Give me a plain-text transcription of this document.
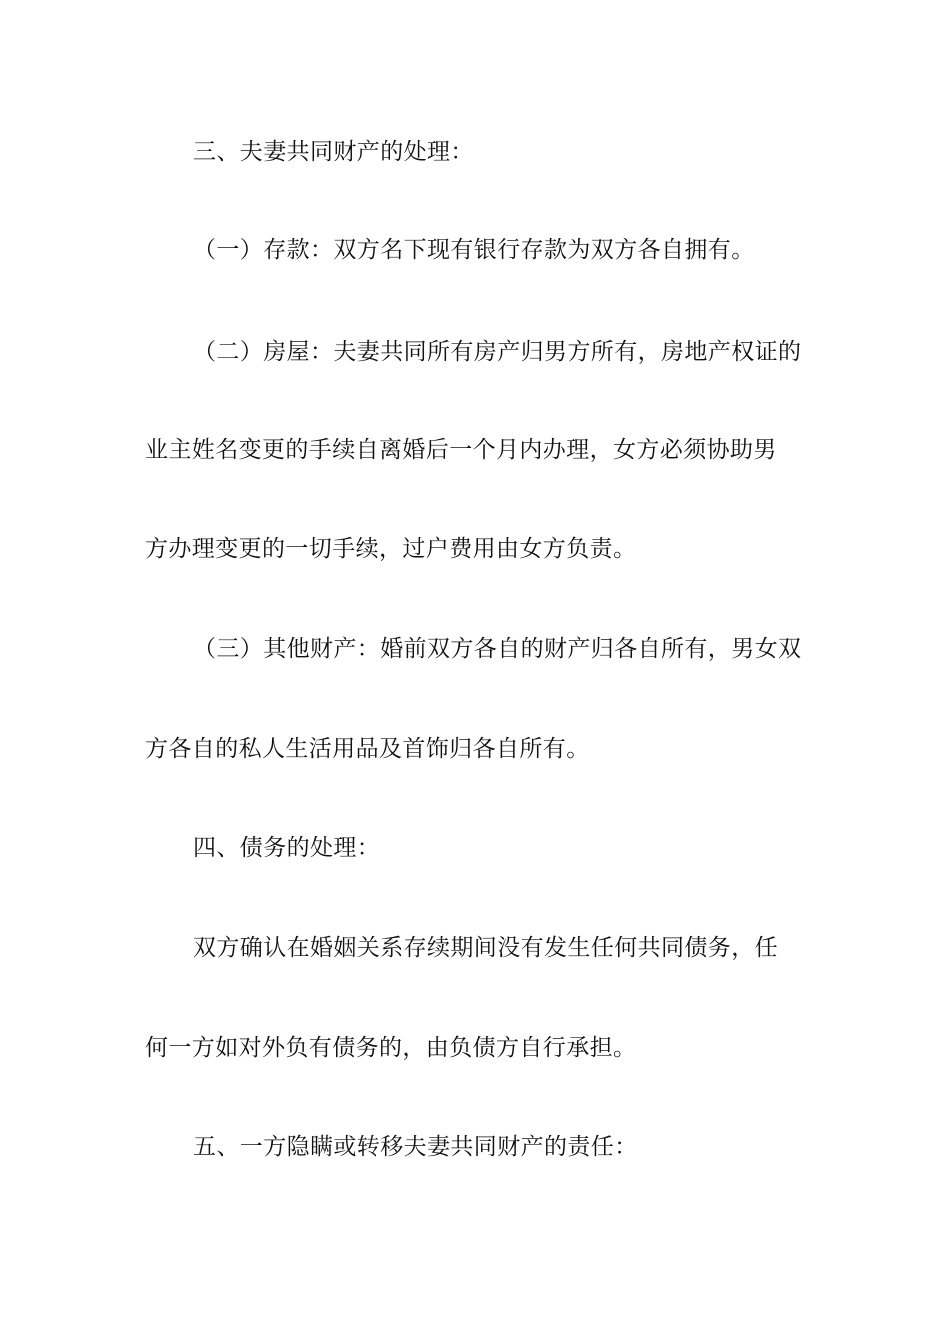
三、夫妻共同财产的处理：
（一）存款：双方名下现有银行存款为双方各自拥有。
（二）房屋：夫妻共同所有房产归男方所有，房地产权证的
业主姓名变更的手续自离婚后一个月内办理，女方必须协助男
方办理变更的一切手续，过户费用由女方负责。
（三）其他财产：婚前双方各自的财产归各自所有，男女双
方各自的私人生活用品及首饰归各自所有。
四、债务的处理：
双方确认在婚姻关系存续期间没有发生任何共同债务，任
何一方如对外负有债务的，由负债方自行承担。
五、一方隐瞒或转移夫妻共同财产的责任：
